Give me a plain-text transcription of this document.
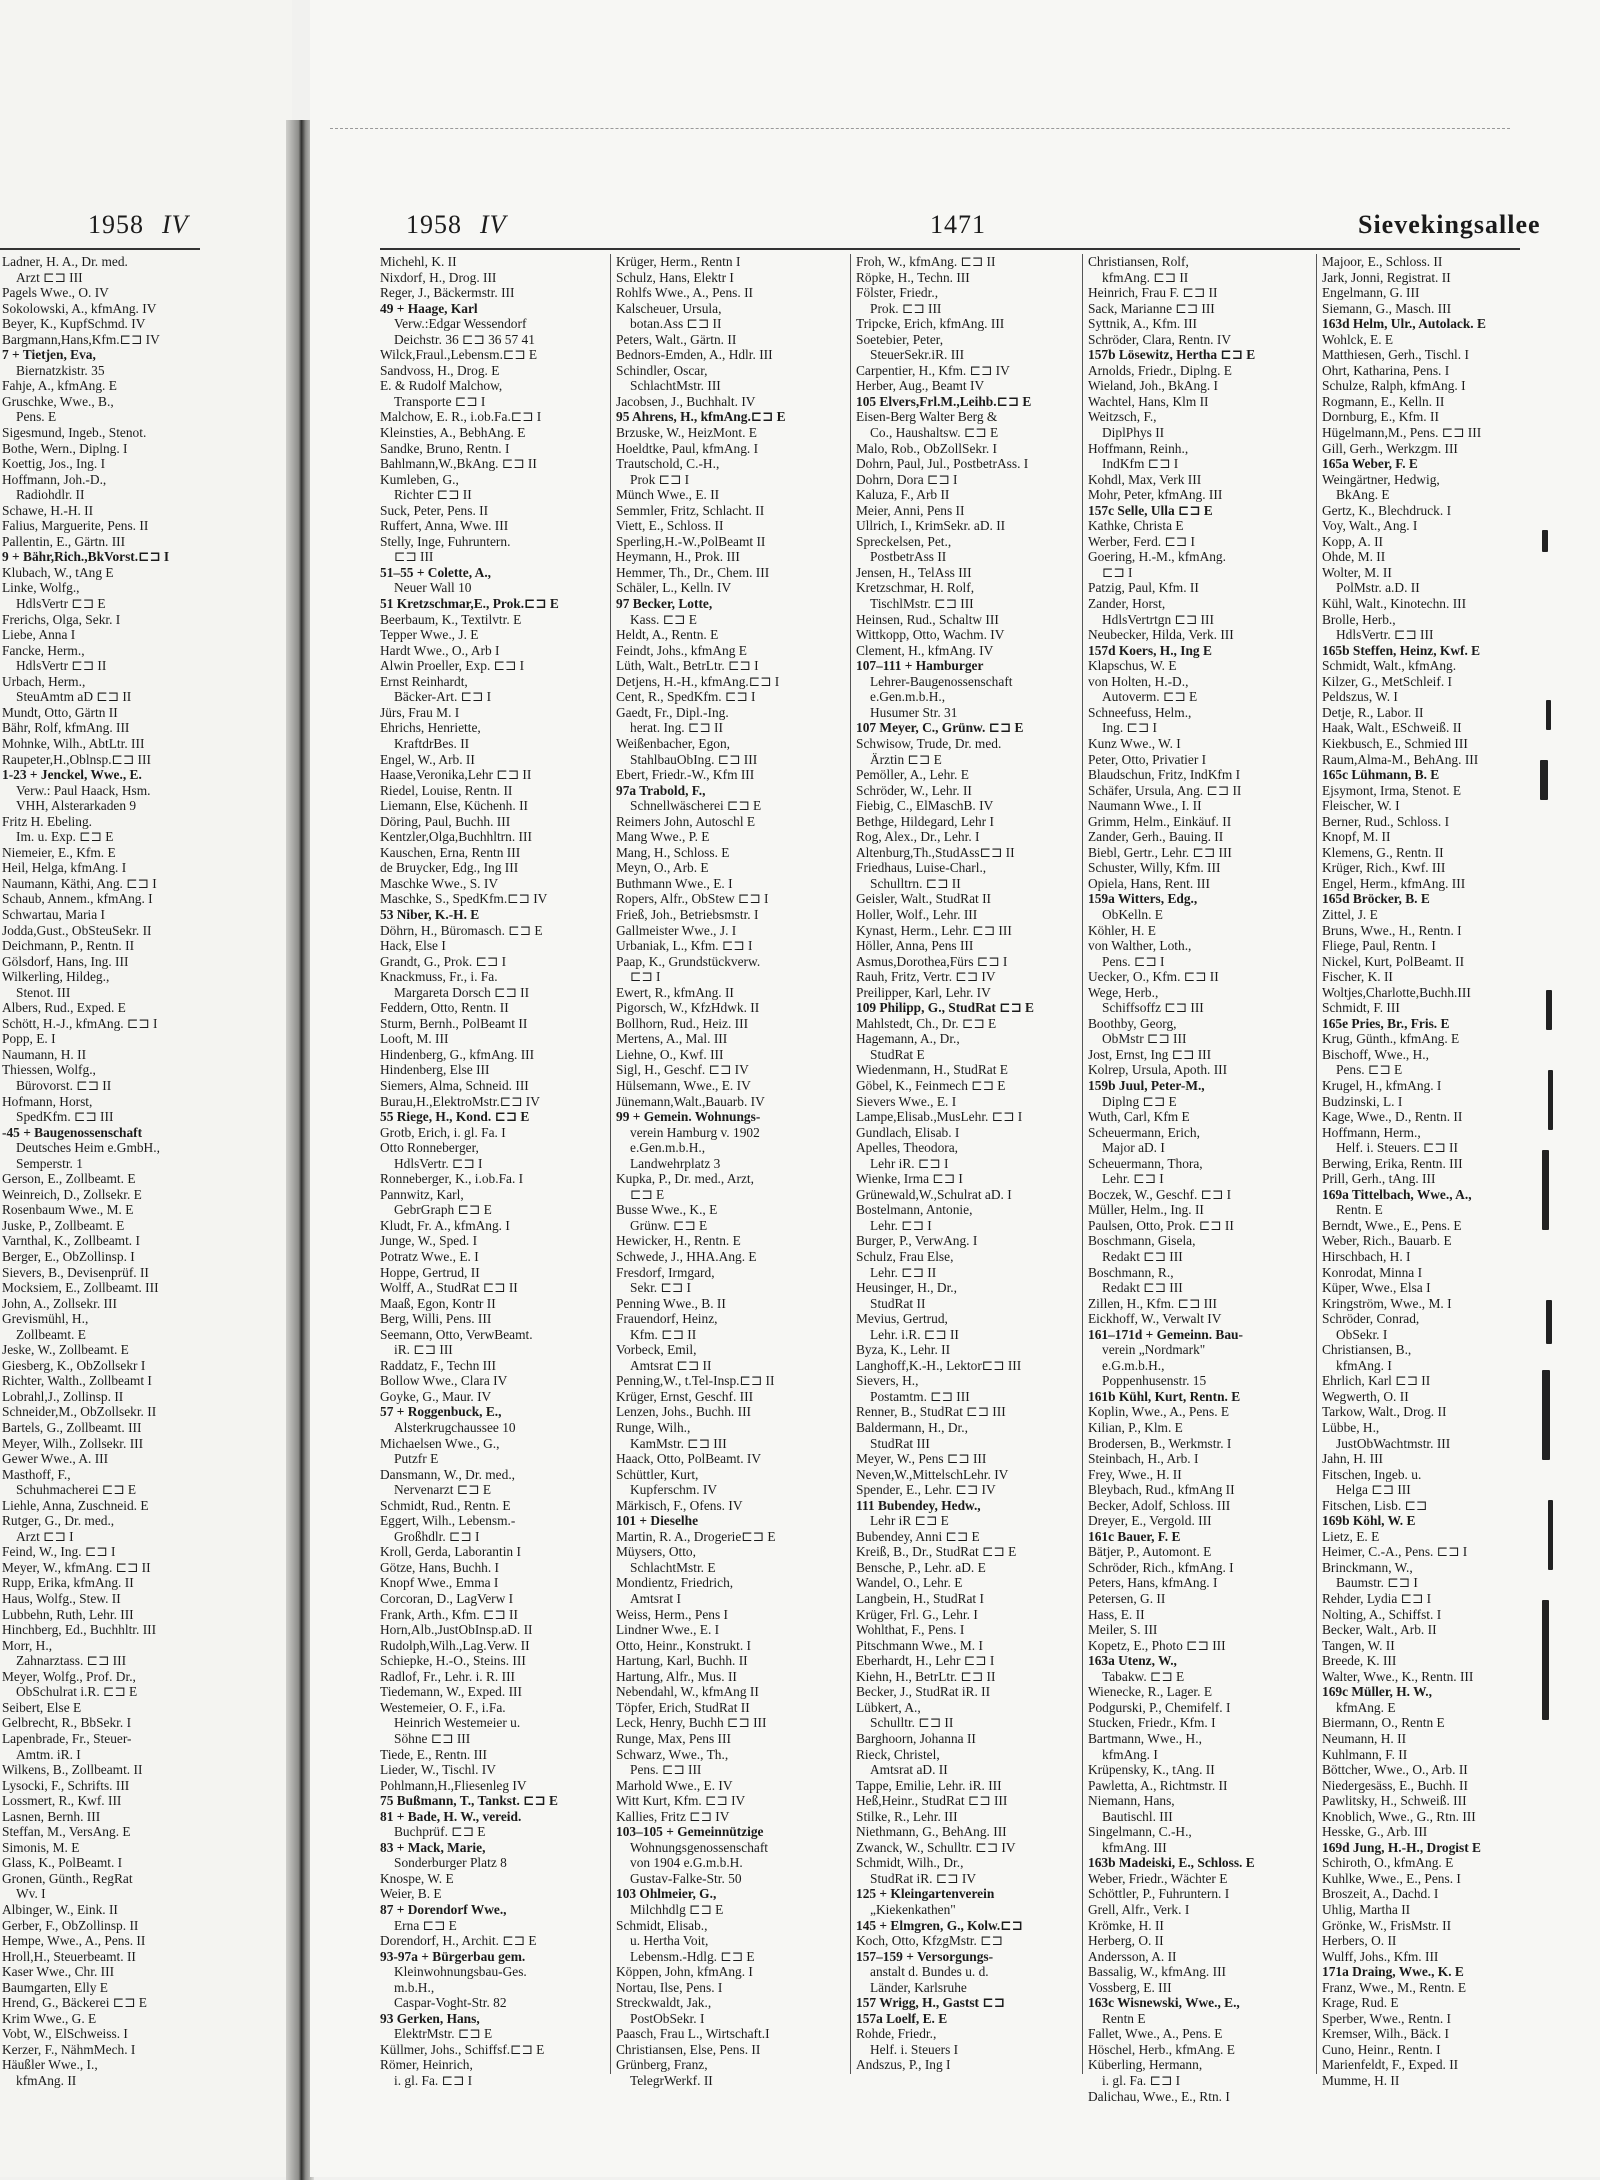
1958 IV
Ladner, H. A., Dr. med.
Arzt ⊏⊐ III
Pagels Wwe., O. IV
Sokolowski, A., kfmAng. IV
Beyer, K., KupfSchmd. IV
Bargmann,Hans,Kfm.⊏⊐ IV
7 + Tietjen, Eva,
Biernatzkistr. 35
Fahje, A., kfmAng. E
Gruschke, Wwe., B.,
Pens. E
Sigesmund, Ingeb., Stenot.
Bothe, Wern., Diplng. I
Koettig, Jos., Ing. I
Hoffmann, Joh.-D.,
Radiohdlr. II
Schawe, H.-H. II
Falius, Marguerite, Pens. II
Pallentin, E., Gärtn. III
9 + Bähr,Rich.,BkVorst.⊏⊐ I
Klubach, W., tAng E
Linke, Wolfg.,
HdlsVertr ⊏⊐ E
Frerichs, Olga, Sekr. I
Liebe, Anna I
Fancke, Herm.,
HdlsVertr ⊏⊐ II
Urbach, Herm.,
SteuAmtm aD ⊏⊐ II
Mundt, Otto, Gärtn II
Bähr, Rolf, kfmAng. III
Mohnke, Wilh., AbtLtr. III
Raupeter,H.,Oblnsp.⊏⊐ III
1-23 + Jenckel, Wwe., E.
Verw.: Paul Haack, Hsm.
VHH, Alsterarkaden 9
Fritz H. Ebeling.
Im. u. Exp. ⊏⊐ E
Niemeier, E., Kfm. E
Heil, Helga, kfmAng. I
Naumann, Käthi, Ang. ⊏⊐ I
Schaub, Annem., kfmAng. I
Schwartau, Maria I
Jodda,Gust., ObSteuSekr. II
Deichmann, P., Rentn. II
Gölsdorf, Hans, Ing. III
Wilkerling, Hildeg.,
Stenot. III
Albers, Rud., Exped. E
Schött, H.-J., kfmAng. ⊏⊐ I
Popp, E. I
Naumann, H. II
Thiessen, Wolfg.,
Bürovorst. ⊏⊐ II
Hofmann, Horst,
SpedKfm. ⊏⊐ III
-45 + Baugenossenschaft
Deutsches Heim e.GmbH.,
Semperstr. 1
Gerson, E., Zollbeamt. E
Weinreich, D., Zollsekr. E
Rosenbaum Wwe., M. E
Juske, P., Zollbeamt. E
Varnthal, K., Zollbeamt. I
Berger, E., ObZollinsp. I
Sievers, B., Devisenprüf. II
Mocksiem, E., Zollbeamt. III
John, A., Zollsekr. III
Grevismühl, H.,
Zollbeamt. E
Jeske, W., Zollbeamt. E
Giesberg, K., ObZollsekr I
Richter, Walth., Zollbeamt I
Lobrahl,J., Zollinsp. II
Schneider,M., ObZollsekr. II
Bartels, G., Zollbeamt. III
Meyer, Wilh., Zollsekr. III
Gewer Wwe., A. III
Masthoff, F.,
Schuhmacherei ⊏⊐ E
Liehle, Anna, Zuschneid. E
Rutger, G., Dr. med.,
Arzt ⊏⊐ I
Feind, W., Ing. ⊏⊐ I
Meyer, W., kfmAng. ⊏⊐ II
Rupp, Erika, kfmAng. II
Haus, Wolfg., Stew. II
Lubbehn, Ruth, Lehr. III
Hinchberg, Ed., Buchhltr. III
Morr, H.,
Zahnarztass. ⊏⊐ III
Meyer, Wolfg., Prof. Dr.,
ObSchulrat i.R. ⊏⊐ E
Seibert, Else E
Gelbrecht, R., BbSekr. I
Lapenbrade, Fr., Steuer-
Amtm. iR. I
Wilkens, B., Zollbeamt. II
Lysocki, F., Schrifts. III
Lossmert, R., Kwf. III
Lasnen, Bernh. III
Steffan, M., VersAng. E
Simonis, M. E
Glass, K., PolBeamt. I
Gronen, Günth., RegRat
Wv. I
Albinger, W., Eink. II
Gerber, F., ObZollinsp. II
Hempe, Wwe., A., Pens. II
Hroll,H., Steuerbeamt. II
Kaser Wwe., Chr. III
Baumgarten, Elly E
Hrend, G., Bäckerei ⊏⊐ E
Krim Wwe., G. E
Vobt, W., ElSchweiss. I
Kerzer, F., NähmMech. I
Häußler Wwe., I.,
kfmAng. II
1958 IV	1471	Sievekingsallee
Michehl, K. II
Nixdorf, H., Drog. III
Reger, J., Bäckermstr. III
49 + Haage, Karl
Verw.:Edgar Wessendorf
Deichstr. 36 ⊏⊐ 36 57 41
Wilck,Fraul.,Lebensm.⊏⊐ E
Sandvoss, H., Drog. E
E. & Rudolf Malchow,
Transporte ⊏⊐ I
Malchow, E. R., i.ob.Fa.⊏⊐ I
Kleinsties, A., BebhAng. E
Sandke, Bruno, Rentn. I
Bahlmann,W.,BkAng. ⊏⊐ II
Kumleben, G.,
Richter ⊏⊐ II
Suck, Peter, Pens. II
Ruffert, Anna, Wwe. III
Stelly, Inge, Fuhruntern.
⊏⊐ III
51–55 + Colette, A.,
Neuer Wall 10
51 Kretzschmar,E., Prok.⊏⊐ E
Beerbaum, K., Textilvtr. E
Tepper Wwe., J. E
Hardt Wwe., O., Arb I
Alwin Proeller, Exp. ⊏⊐ I
Ernst Reinhardt,
Bäcker-Art. ⊏⊐ I
Jürs, Frau M. I
Ehrichs, Henriette,
KraftdrBes. II
Engel, W., Arb. II
Haase,Veronika,Lehr ⊏⊐ II
Riedel, Louise, Rentn. II
Liemann, Else, Küchenh. II
Döring, Paul, Buchh. III
Kentzler,Olga,Buchhltrn. III
Kauschen, Erna, Rentn III
de Bruycker, Edg., Ing III
Maschke Wwe., S. IV
Maschke, S., SpedKfm.⊏⊐ IV
53 Niber, K.-H. E
Döhrn, H., Büromasch. ⊏⊐ E
Hack, Else I
Grandt, G., Prok. ⊏⊐ I
Knackmuss, Fr., i. Fa.
Margareta Dorsch ⊏⊐ II
Feddern, Otto, Rentn. II
Sturm, Bernh., PolBeamt II
Looft, M. III
Hindenberg, G., kfmAng. III
Hindenberg, Else III
Siemers, Alma, Schneid. III
Burau,H.,ElektroMstr.⊏⊐ IV
55 Riege, H., Kond. ⊏⊐ E
Grotb, Erich, i. gl. Fa. I
Otto Ronneberger,
HdlsVertr. ⊏⊐ I
Ronneberger, K., i.ob.Fa. I
Pannwitz, Karl,
GebrGraph ⊏⊐ E
Kludt, Fr. A., kfmAng. I
Junge, W., Sped. I
Potratz Wwe., E. I
Hoppe, Gertrud, II
Wolff, A., StudRat ⊏⊐ II
Maaß, Egon, Kontr II
Berg, Willi, Pens. III
Seemann, Otto, VerwBeamt.
iR. ⊏⊐ III
Raddatz, F., Techn III
Bollow Wwe., Clara IV
Goyke, G., Maur. IV
57 + Roggenbuck, E.,
Alsterkrugchaussee 10
Michaelsen Wwe., G.,
Putzfr E
Dansmann, W., Dr. med.,
Nervenarzt ⊏⊐ E
Schmidt, Rud., Rentn. E
Eggert, Wilh., Lebensm.-
Großhdlr. ⊏⊐ I
Kroll, Gerda, Laborantin I
Götze, Hans, Buchh. I
Knopf Wwe., Emma I
Corcoran, D., LagVerw I
Frank, Arth., Kfm. ⊏⊐ II
Horn,Alb.,JustObInsp.aD. II
Rudolph,Wilh.,Lag.Verw. II
Schiepke, H.-O., Steins. III
Radlof, Fr., Lehr. i. R. III
Tiedemann, W., Exped. III
Westemeier, O. F., i.Fa.
Heinrich Westemeier u.
Söhne ⊏⊐ III
Tiede, E., Rentn. III
Lieder, W., Tischl. IV
Pohlmann,H.,Fliesenleg IV
75 Bußmann, T., Tankst. ⊏⊐ E
81 + Bade, H. W., vereid.
Buchprüf. ⊏⊐ E
83 + Mack, Marie,
Sonderburger Platz 8
Knospe, W. E
Weier, B. E
87 + Dorendorf Wwe.,
Erna ⊏⊐ E
Dorendorf, H., Archit. ⊏⊐ E
93-97a + Bürgerbau gem.
Kleinwohnungsbau-Ges.
m.b.H.,
Caspar-Voght-Str. 82
93 Gerken, Hans,
ElektrMstr. ⊏⊐ E
Küllmer, Johs., Schiffsf.⊏⊐ E
Römer, Heinrich,
i. gl. Fa. ⊏⊐ I
Krüger, Herm., Rentn I
Schulz, Hans, Elektr I
Rohlfs Wwe., A., Pens. II
Kalscheuer, Ursula,
botan.Ass ⊏⊐ II
Peters, Walt., Gärtn. II
Bednors-Emden, A., Hdlr. III
Schindler, Oscar,
SchlachtMstr. III
Jacobsen, J., Buchhalt. IV
95 Ahrens, H., kfmAng.⊏⊐ E
Brzuske, W., HeizMont. E
Hoeldtke, Paul, kfmAng. I
Trautschold, C.-H.,
Prok ⊏⊐ I
Münch Wwe., E. II
Semmler, Fritz, Schlacht. II
Viett, E., Schloss. II
Sperling,H.-W.,PolBeamt II
Heymann, H., Prok. III
Hemmer, Th., Dr., Chem. III
Schäler, L., Kelln. IV
97 Becker, Lotte,
Kass. ⊏⊐ E
Heldt, A., Rentn. E
Feindt, Johs., kfmAng E
Lüth, Walt., BetrLtr. ⊏⊐ I
Detjens, H.-H., kfmAng.⊏⊐ I
Cent, R., SpedKfm. ⊏⊐ I
Gaedt, Fr., Dipl.-Ing.
herat. Ing. ⊏⊐ II
Weißenbacher, Egon,
StahlbauObIng. ⊏⊐ III
Ebert, Friedr.-W., Kfm III
97a Trabold, F.,
Schnellwäscherei ⊏⊐ E
Reimers John, Autoschl E
Mang Wwe., P. E
Mang, H., Schloss. E
Meyn, O., Arb. E
Buthmann Wwe., E. I
Ropers, Alfr., ObStew ⊏⊐ I
Frieß, Joh., Betriebsmstr. I
Gallmeister Wwe., J. I
Urbaniak, L., Kfm. ⊏⊐ I
Paap, K., Grundstückverw.
⊏⊐ I
Ewert, R., kfmAng. II
Pigorsch, W., KfzHdwk. II
Bollhorn, Rud., Heiz. III
Mertens, A., Mal. III
Liehne, O., Kwf. III
Sigl, H., Geschf. ⊏⊐ IV
Hülsemann, Wwe., E. IV
Jünemann,Walt.,Bauarb. IV
99 + Gemein. Wohnungs-
verein Hamburg v. 1902
e.Gen.m.b.H.,
Landwehrplatz 3
Kupka, P., Dr. med., Arzt,
⊏⊐ E
Busse Wwe., K., E
Grünw. ⊏⊐ E
Hewicker, H., Rentn. E
Schwede, J., HHA.Ang. E
Fresdorf, Irmgard,
Sekr. ⊏⊐ I
Penning Wwe., B. II
Frauendorf, Heinz,
Kfm. ⊏⊐ II
Vorbeck, Emil,
Amtsrat ⊏⊐ II
Penning,W., t.Tel-Insp.⊏⊐ II
Krüger, Ernst, Geschf. III
Lenzen, Johs., Buchh. III
Runge, Wilh.,
KamMstr. ⊏⊐ III
Haack, Otto, PolBeamt. IV
Schüttler, Kurt,
Kupferschm. IV
Märkisch, F., Ofens. IV
101 + Dieselhe
Martin, R. A., Drogerie⊏⊐ E
Müysers, Otto,
SchlachtMstr. E
Mondientz, Friedrich,
Amtsrat I
Weiss, Herm., Pens I
Lindner Wwe., E. I
Otto, Heinr., Konstrukt. I
Hartung, Karl, Buchh. II
Hartung, Alfr., Mus. II
Nebendahl, W., kfmAng II
Töpfer, Erich, StudRat II
Leck, Henry, Buchh ⊏⊐ III
Runge, Max, Pens III
Schwarz, Wwe., Th.,
Pens. ⊏⊐ III
Marhold Wwe., E. IV
Witt Kurt, Kfm. ⊏⊐ IV
Kallies, Fritz ⊏⊐ IV
103–105 + Gemeinnützige
Wohnungsgenossenschaft
von 1904 e.G.m.b.H.
Gustav-Falke-Str. 50
103 Ohlmeier, G.,
Milchhdlg ⊏⊐ E
Schmidt, Elisab.,
u. Hertha Voit,
Lebensm.-Hdlg. ⊏⊐ E
Köppen, John, kfmAng. I
Nortau, Ilse, Pens. I
Streckwaldt, Jak.,
PostObSekr. I
Paasch, Frau L., Wirtschaft.I
Christiansen, Else, Pens. II
Grünberg, Franz,
TelegrWerkf. II
Froh, W., kfmAng. ⊏⊐ II
Röpke, H., Techn. III
Fölster, Friedr.,
Prok. ⊏⊐ III
Tripcke, Erich, kfmAng. III
Soetebier, Peter,
SteuerSekr.iR. III
Carpentier, H., Kfm. ⊏⊐ IV
Herber, Aug., Beamt IV
105 Elvers,Frl.M.,Leihb.⊏⊐ E
Eisen-Berg Walter Berg &
Co., Haushaltsw. ⊏⊐ E
Malo, Rob., ObZollSekr. I
Dohrn, Paul, Jul., PostbetrAss. I
Dohrn, Dora ⊏⊐ I
Kaluza, F., Arb II
Meier, Anni, Pens II
Ullrich, I., KrimSekr. aD. II
Spreckelsen, Pet.,
PostbetrAss II
Jensen, H., TelAss III
Kretzschmar, H. Rolf,
TischlMstr. ⊏⊐ III
Heinsen, Rud., Schaltw III
Wittkopp, Otto, Wachm. IV
Clement, H., kfmAng. IV
107–111 + Hamburger
Lehrer-Baugenossenschaft
e.Gen.m.b.H.,
Husumer Str. 31
107 Meyer, C., Grünw. ⊏⊐ E
Schwisow, Trude, Dr. med.
Ärztin ⊏⊐ E
Pemöller, A., Lehr. E
Schröder, W., Lehr. II
Fiebig, C., ElMaschB. IV
Bethge, Hildegard, Lehr I
Rog, Alex., Dr., Lehr. I
Altenburg,Th.,StudAss⊏⊐ II
Friedhaus, Luise-Charl.,
Schulltrn. ⊏⊐ II
Geisler, Walt., StudRat II
Holler, Wolf., Lehr. III
Kynast, Herm., Lehr. ⊏⊐ III
Höller, Anna, Pens III
Asmus,Dorothea,Fürs ⊏⊐ I
Rauh, Fritz, Vertr. ⊏⊐ IV
Preilipper, Karl, Lehr. IV
109 Philipp, G., StudRat ⊏⊐ E
Mahlstedt, Ch., Dr. ⊏⊐ E
Hagemann, A., Dr.,
StudRat E
Wiedenmann, H., StudRat E
Göbel, K., Feinmech ⊏⊐ E
Sievers Wwe., E. I
Lampe,Elisab.,MusLehr. ⊏⊐ I
Gundlach, Elisab. I
Apelles, Theodora,
Lehr iR. ⊏⊐ I
Wienke, Irma ⊏⊐ I
Grünewald,W.,Schulrat aD. I
Bostelmann, Antonie,
Lehr. ⊏⊐ I
Burger, P., VerwAng. I
Schulz, Frau Else,
Lehr. ⊏⊐ II
Heusinger, H., Dr.,
StudRat II
Mevius, Gertrud,
Lehr. i.R. ⊏⊐ II
Byza, K., Lehr. II
Langhoff,K.-H., Lektor⊏⊐ III
Sievers, H.,
Postamtm. ⊏⊐ III
Renner, B., StudRat ⊏⊐ III
Baldermann, H., Dr.,
StudRat III
Meyer, W., Pens ⊏⊐ III
Neven,W.,MittelschLehr. IV
Spender, E., Lehr. ⊏⊐ IV
111 Bubendey, Hedw.,
Lehr iR ⊏⊐ E
Bubendey, Anni ⊏⊐ E
Kreiß, B., Dr., StudRat ⊏⊐ E
Bensche, P., Lehr. aD. E
Wandel, O., Lehr. E
Langbein, H., StudRat I
Krüger, Frl. G., Lehr. I
Wohlthat, F., Pens. I
Pitschmann Wwe., M. I
Eberhardt, H., Lehr ⊏⊐ I
Kiehn, H., BetrLtr. ⊏⊐ II
Becker, J., StudRat iR. II
Lübkert, A.,
Schulltr. ⊏⊐ II
Barghoorn, Johanna II
Rieck, Christel,
Amtsrat aD. II
Tappe, Emilie, Lehr. iR. III
Heß,Heinr., StudRat ⊏⊐ III
Stilke, R., Lehr. III
Niethmann, G., BehAng. III
Zwanck, W., Schulltr. ⊏⊐ IV
Schmidt, Wilh., Dr.,
StudRat iR. ⊏⊐ IV
125 + Kleingartenverein
„Kiekenkathen"
145 + Elmgren, G., Kolw.⊏⊐
Koch, Otto, KfzgMstr. ⊏⊐
157–159 + Versorgungs-
anstalt d. Bundes u. d.
Länder, Karlsruhe
157 Wrigg, H., Gastst ⊏⊐
157a Loelf, E. E
Rohde, Friedr.,
Helf. i. Steuers I
Andszus, P., Ing I
Christiansen, Rolf,
kfmAng. ⊏⊐ II
Heinrich, Frau F. ⊏⊐ II
Sack, Marianne ⊏⊐ III
Syttnik, A., Kfm. III
Schröder, Clara, Rentn. IV
157b Lösewitz, Hertha ⊏⊐ E
Arnolds, Friedr., Diplng. E
Wieland, Joh., BkAng. I
Wachtel, Hans, Klm II
Weitzsch, F.,
DiplPhys II
Hoffmann, Reinh.,
IndKfm ⊏⊐ I
Kohdl, Max, Verk III
Mohr, Peter, kfmAng. III
157c Selle, Ulla ⊏⊐ E
Kathke, Christa E
Werber, Ferd. ⊏⊐ I
Goering, H.-M., kfmAng.
⊏⊐ I
Patzig, Paul, Kfm. II
Zander, Horst,
HdlsVertrtgn ⊏⊐ III
Neubecker, Hilda, Verk. III
157d Koers, H., Ing E
Klapschus, W. E
von Holten, H.-D.,
Autoverm. ⊏⊐ E
Schneefuss, Helm.,
Ing. ⊏⊐ I
Kunz Wwe., W. I
Peter, Otto, Privatier I
Blaudschun, Fritz, IndKfm I
Schäfer, Ursula, Ang. ⊏⊐ II
Naumann Wwe., I. II
Grimm, Helm., Einkäuf. II
Zander, Gerh., Bauing. II
Biebl, Gertr., Lehr. ⊏⊐ III
Schuster, Willy, Kfm. III
Opiela, Hans, Rent. III
159a Witters, Edg.,
ObKelln. E
Köhler, H. E
von Walther, Loth.,
Pens. ⊏⊐ I
Uecker, O., Kfm. ⊏⊐ II
Wege, Herb.,
Schiffsoffz ⊏⊐ III
Boothby, Georg,
ObMstr ⊏⊐ III
Jost, Ernst, Ing ⊏⊐ III
Kolrep, Ursula, Apoth. III
159b Juul, Peter-M.,
Diplng ⊏⊐ E
Wuth, Carl, Kfm E
Scheuermann, Erich,
Major aD. I
Scheuermann, Thora,
Lehr. ⊏⊐ I
Boczek, W., Geschf. ⊏⊐ I
Müller, Helm., Ing. II
Paulsen, Otto, Prok. ⊏⊐ II
Boschmann, Gisela,
Redakt ⊏⊐ III
Boschmann, R.,
Redakt ⊏⊐ III
Zillen, H., Kfm. ⊏⊐ III
Eickhoff, W., Verwalt IV
161–171d + Gemeinn. Bau-
verein „Nordmark"
e.G.m.b.H.,
Poppenhusenstr. 15
161b Kühl, Kurt, Rentn. E
Koplin, Wwe., A., Pens. E
Kilian, P., Klm. E
Brodersen, B., Werkmstr. I
Steinbach, H., Arb. I
Frey, Wwe., H. II
Bleybach, Rud., kfmAng II
Becker, Adolf, Schloss. III
Dreyer, E., Vergold. III
161c Bauer, F. E
Bätjer, P., Automont. E
Schröder, Rich., kfmAng. I
Peters, Hans, kfmAng. I
Petersen, G. II
Hass, E. II
Meiler, S. III
Kopetz, E., Photo ⊏⊐ III
163a Utenz, W.,
Tabakw. ⊏⊐ E
Wienecke, R., Lager. E
Podgurski, P., Chemifelf. I
Stucken, Friedr., Kfm. I
Bartmann, Wwe., H.,
kfmAng. I
Krüpensky, K., tAng. II
Pawletta, A., Richtmstr. II
Niemann, Hans,
Bautischl. III
Singelmann, C.-H.,
kfmAng. III
163b Madeiski, E., Schloss. E
Weber, Friedr., Wächter E
Schöttler, P., Fuhruntern. I
Grell, Alfr., Verk. I
Krömke, H. II
Herberg, O. II
Andersson, A. II
Bassalig, W., kfmAng. III
Vossberg, E. III
163c Wisnewski, Wwe., E.,
Rentn E
Fallet, Wwe., A., Pens. E
Höschel, Herb., kfmAng. E
Küberling, Hermann,
i. gl. Fa. ⊏⊐ I
Dalichau, Wwe., E., Rtn. I
Majoor, E., Schloss. II
Jark, Jonni, Registrat. II
Engelmann, G. III
Siemann, G., Masch. III
163d Helm, Ulr., Autolack. E
Wohlck, E. E
Matthiesen, Gerh., Tischl. I
Ohrt, Katharina, Pens. I
Schulze, Ralph, kfmAng. I
Rogmann, E., Kelln. II
Dornburg, E., Kfm. II
Hügelmann,M., Pens. ⊏⊐ III
Gill, Gerh., Werkzgm. III
165a Weber, F. E
Weingärtner, Hedwig,
BkAng. E
Gertz, K., Blechdruck. I
Voy, Walt., Ang. I
Kopp, A. II
Ohde, M. II
Wolter, M. II
PolMstr. a.D. II
Kühl, Walt., Kinotechn. III
Brolle, Herb.,
HdlsVertr. ⊏⊐ III
165b Steffen, Heinz, Kwf. E
Schmidt, Walt., kfmAng.
Kilzer, G., MetSchleif. I
Peldszus, W. I
Detje, R., Labor. II
Haak, Walt., ESchweiß. II
Kiekbusch, E., Schmied III
Raum,Alma-M., BehAng. III
165c Lühmann, B. E
Ejsymont, Irma, Stenot. E
Fleischer, W. I
Berner, Rud., Schloss. I
Knopf, M. II
Klemens, G., Rentn. II
Krüger, Rich., Kwf. III
Engel, Herm., kfmAng. III
165d Bröcker, B. E
Zittel, J. E
Bruns, Wwe., H., Rentn. I
Fliege, Paul, Rentn. I
Nickel, Kurt, PolBeamt. II
Fischer, K. II
Woltjes,Charlotte,Buchh.III
Schmidt, F. III
165e Pries, Br., Fris. E
Krug, Günth., kfmAng. E
Bischoff, Wwe., H.,
Pens. ⊏⊐ E
Krugel, H., kfmAng. I
Budzinski, L. I
Kage, Wwe., D., Rentn. II
Hoffmann, Herm.,
Helf. i. Steuers. ⊏⊐ II
Berwing, Erika, Rentn. III
Prill, Gerh., tAng. III
169a Tittelbach, Wwe., A.,
Rentn. E
Berndt, Wwe., E., Pens. E
Weber, Rich., Bauarb. E
Hirschbach, H. I
Konrodat, Minna I
Küper, Wwe., Elsa I
Kringström, Wwe., M. I
Schröder, Conrad,
ObSekr. I
Christiansen, B.,
kfmAng. I
Ehrlich, Karl ⊏⊐ II
Wegwerth, O. II
Tarkow, Walt., Drog. II
Lübbe, H.,
JustObWachtmstr. III
Jahn, H. III
Fitschen, Ingeb. u.
Helga ⊏⊐ III
Fitschen, Lisb. ⊏⊐
169b Köhl, W. E
Lietz, E. E
Heimer, C.-A., Pens. ⊏⊐ I
Brinckmann, W.,
Baumstr. ⊏⊐ I
Rehder, Lydia ⊏⊐ I
Nolting, A., Schiffst. I
Becker, Walt., Arb. II
Tangen, W. II
Breede, K. III
Walter, Wwe., K., Rentn. III
169c Müller, H. W.,
kfmAng. E
Biermann, O., Rentn E
Neumann, H. II
Kuhlmann, F. II
Böttcher, Wwe., O., Arb. II
Niedergesäss, E., Buchh. II
Pawlitsky, H., Schweiß. III
Knoblich, Wwe., G., Rtn. III
Hesske, G., Arb. III
169d Jung, H.-H., Drogist E
Schiroth, O., kfmAng. E
Kuhlke, Wwe., E., Pens. I
Broszeit, A., Dachd. I
Uhlig, Martha II
Grönke, W., FrisMstr. II
Herbers, O. II
Wulff, Johs., Kfm. III
171a Draing, Wwe., K. E
Franz, Wwe., M., Rentn. E
Krage, Rud. E
Sperber, Wwe., Rentn. I
Kremser, Wilh., Bäck. I
Cuno, Heinr., Rentn. I
Marienfeldt, F., Exped. II
Mumme, H. II
